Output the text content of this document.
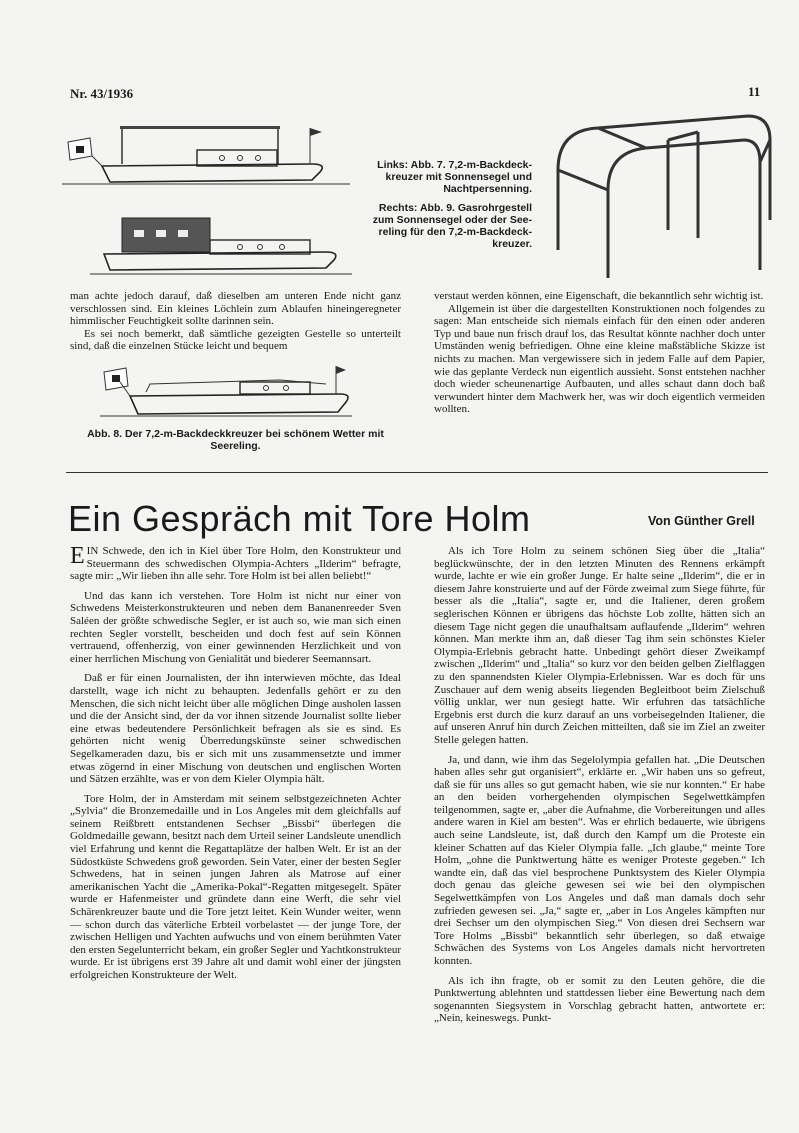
Nr. 43/1936	11
Links: Abb. 7. 7,2-m-Backdeck-kreuzer mit Sonnensegel und Nachtpersenning.
Rechts: Abb. 9. Gasrohrgestell zum Sonnensegel oder der See-reling für den 7,2-m-Backdeck-kreuzer.

man achte jedoch darauf, daß dieselben am unteren Ende nicht ganz verschlossen sind. Ein kleines Löchlein zum Ablaufen hineingeregneter himmlischer Feuchtigkeit sollte darinnen sein.

Es sei noch bemerkt, daß sämtliche gezeigten Gestelle so unterteilt sind, daß die einzelnen Stücke leicht und bequem

verstaut werden können, eine Eigenschaft, die bekanntlich sehr wichtig ist.

Allgemein ist über die dargestellten Konstruktionen noch folgendes zu sagen: Man entscheide sich niemals einfach für den einen oder anderen Typ und baue nun frisch drauf los, das Resultat könnte nachher doch unter Umständen wenig befriedigen. Ohne eine kleine maßstäbliche Skizze ist nichts zu machen. Man vergewissere sich in jedem Falle auf dem Papier, wie das geplante Verdeck nun eigentlich aussieht. Sonst entstehen nachher doch wieder scheunenartige Aufbauten, und alles schaut dann doch baß verwundert hinter dem Machwerk her, was wir doch eigentlich vermeiden wollten.

Abb. 8. Der 7,2-m-Backdeckkreuzer bei schönem Wetter mit Seereling.
Ein Gespräch mit Tore Holm	Von Günther Grell

EIN Schwede, den ich in Kiel über Tore Holm, den Konstrukteur und Steuermann des schwedischen Olympia-Achters „Ilderim“ befragte, sagte mir: „Wir lieben ihn alle sehr. Tore Holm ist bei allen beliebt!“

Und das kann ich verstehen. Tore Holm ist nicht nur einer von Schwedens Meisterkonstrukteuren und neben dem Bananenreeder Sven Saléen der größte schwedische Segler, er ist auch so, wie man sich einen rechten Segler vorstellt, bescheiden und doch fest auf sein Können vertrauend, offenherzig, von einer gewinnenden Herzlichkeit und von einer herrlichen Mischung von Genialität und biederer Seemannsart.

Daß er für einen Journalisten, der ihn interwieven möchte, das Ideal darstellt, wage ich nicht zu behaupten. Jedenfalls gehört er zu den Menschen, die sich nicht leicht über alle möglichen Dinge ausholen lassen und die der Ansicht sind, der da vor ihnen sitzende Journalist sollte lieber eine etwas bedeutendere Persönlichkeit befragen als sie es sind. Es gehörten nicht wenig Überredungskünste seiner schwedischen Segelkameraden dazu, bis er sich mit uns zusammensetzte und immer etwas zögernd in einer Mischung von deutschen und englischen Worten und Sätzen erzählte, was er von dem Kieler Olympia hält.

Tore Holm, der in Amsterdam mit seinem selbstgezeichneten Achter „Sylvia“ die Bronzemedaille und in Los Angeles mit dem gleichfalls auf seinem Reißbrett entstandenen Sechser „Bissbi“ überlegen die Goldmedaille gewann, besitzt nach dem Urteil seiner Landsleute unendlich viel Erfahrung und kennt die Regattaplätze der halben Welt. Er ist an der Südostküste Schwedens groß geworden. Sein Vater, einer der besten Segler Schwedens, hat in seinen jungen Jahren als Matrose auf einer amerikanischen Yacht die „Amerika-Pokal“-Regatten mitgesegelt. Später wurde er Hafenmeister und gründete dann eine Werft, die sehr viel Schärenkreuzer baute und die Tore jetzt leitet. Kein Wunder weiter, wenn — schon durch das väterliche Erbteil vorbelastet — der junge Tore, der zwischen Helligen und Yachten aufwuchs und von einem berühmten Vater den ersten Segelunterricht bekam, ein großer Segler und Yachtkonstrukteur wurde. Er ist übrigens erst 39 Jahre alt und damit wohl einer der jüngsten erfolgreichen Konstrukteure der Welt.

Als ich Tore Holm zu seinem schönen Sieg über die „Italia“ beglückwünschte, der in den letzten Minuten des Rennens erkämpft wurde, lachte er wie ein großer Junge. Er halte seine „Ilderim“, die er in diesem Jahre konstruierte und auf der Förde zweimal zum Siege führte, für besser als die „Italia“, sagte er, und die Italiener, deren großem seglerischen Können er übrigens das höchste Lob zollte, hätten sich an diesem Tage nicht gegen die unaufhaltsam auflaufende „Ilderim“ wehren können. Man merkte ihm an, daß dieser Tag ihm sein schönstes Kieler Olympia-Erlebnis gebracht hatte. Unbedingt gehört dieser Zweikampf zwischen „Ilderim“ und „Italia“ so kurz vor den beiden gelben Zielflaggen zu den spannendsten Kieler Olympia-Erlebnissen. War es doch für uns Zuschauer auf dem wenig abseits liegenden Begleitboot beim Zielschuß völlig unklar, wer nun gesiegt hatte. Wir erfuhren das tatsächliche Ergebnis erst durch die kurz darauf an uns vorbeisegelnden Italiener, die auf unseren Anruf hin durch Zeichen mitteilten, daß sie im Ziel an zweiter Stelle gelegen hatten.

Ja, und dann, wie ihm das Segelolympia gefallen hat. „Die Deutschen haben alles sehr gut organisiert“, erklärte er. „Wir haben uns so gefreut, daß sie für uns alles so gut gemacht haben, wie sie nur konnten.“ Er habe an den beiden vorhergehenden olympischen Segelwettkämpfen teilgenommen, sagte er, „aber die Aufnahme, die Vorbereitungen und alles andere waren in Kiel am besten“. Was er ehrlich bedauerte, wie übrigens auch seine Landsleute, ist, daß durch den Kampf um die Proteste ein kleiner Schatten auf das Kieler Olympia falle. „Ich glaube,“ meinte Tore Holm, „ohne die Punktwertung hätte es weniger Proteste gegeben.“ Ich wandte ein, daß das viel besprochene Punktsystem des Kieler Olympia doch genau das gleiche gewesen sei wie bei den olympischen Segelwettkämpfen von Los Angeles und daß man damals doch sehr zufrieden gewesen sei. „Ja,“ sagte er, „aber in Los Angeles kämpften nur drei Sechser um den olympischen Sieg.“ Von diesen drei Sechsern war Tore Holms „Bissbi“ bekanntlich sehr überlegen, so daß etwaige Schwächen des Systems von Los Angeles damals nicht hervortreten konnten.

Als ich ihn fragte, ob er somit zu den Leuten gehöre, die die Punktwertung ablehnten und stattdessen lieber eine Bewertung nach dem sogenannten Siegsystem in Vorschlag gebracht hatten, antwortete er: „Nein, keineswegs. Punkt-
